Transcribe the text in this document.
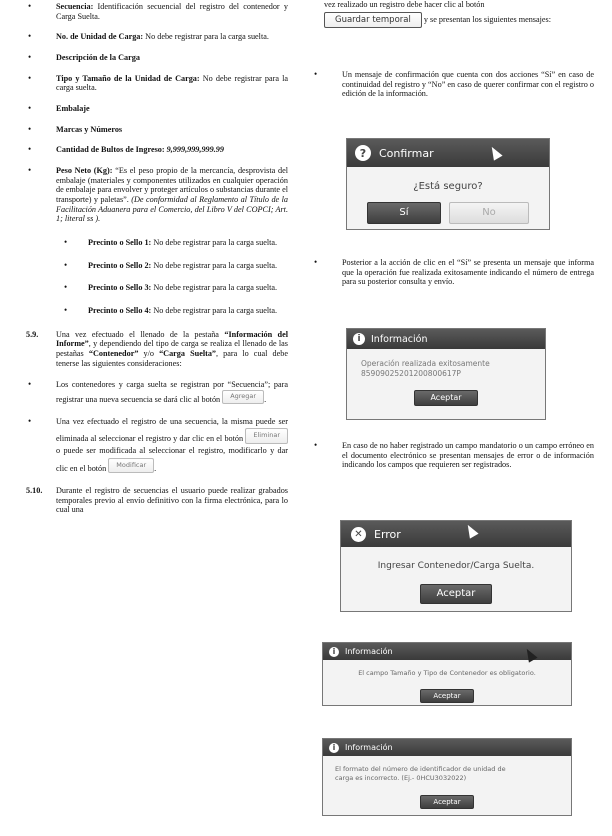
• Secuencia: Identificación secuencial del registro del contenedor y Carga Suelta.
• No. de Unidad de Carga: No debe registrar para la carga suelta.
• Descripción de la Carga
• Tipo y Tamaño de la Unidad de Carga: No debe registrar para la carga suelta.
• Embalaje
• Marcas y Números
• Cantidad de Bultos de Ingreso: 9,999,999,999.99
• Peso Neto (Kg): “Es el peso propio de la mercancía, desprovista del embalaje (materiales y componentes utilizados en cualquier operación de embalaje para envolver y proteger artículos o substancias durante el transporte) y paletas”. (De conformidad al Reglamento al Título de la Facilitación Aduanera para el Comercio, del Libro V del COPCI; Art. 1; literal ss ).
• Precinto o Sello 1: No debe registrar para la carga suelta.
• Precinto o Sello 2: No debe registrar para la carga suelta.
• Precinto o Sello 3: No debe registrar para la carga suelta.
• Precinto o Sello 4: No debe registrar para la carga suelta.
5.9. Una vez efectuado el llenado de la pestaña “Información del Informe”, y dependiendo del tipo de carga se realiza el llenado de las pestañas “Contenedor” y/o “Carga Suelta”, para lo cual debe tenerse las siguientes consideraciones:
• Los contenedores y carga suelta se registran por “Secuencia”; para registrar una nueva secuencia se dará clic al botón Agregar .
• Una vez efectuado el registro de una secuencia, la misma puede ser eliminada al seleccionar el registro y dar clic en el botón Eliminar o puede ser modificada al seleccionar el registro, modificarlo y dar clic en el botón Modificar .
5.10. Durante el registro de secuencias el usuario puede realizar grabados temporales previo al envío definitivo con la firma electrónica, para lo cual una
vez realizado un registro debe hacer clic al botón
Guardar temporal y se presentan los siguientes mensajes:
• Un mensaje de confirmación que cuenta con dos acciones “Sí” en caso de continuidad del registro y “No” en caso de querer confirmar con el registro o edición de la información.
• Posterior a la acción de clic en el “Sí” se presenta un mensaje que informa que la operación fue realizada exitosamente indicando el número de entrega para su posterior consulta y envío.
• En caso de no haber registrado un campo mandatorio o un campo erróneo en el documento electrónico se presentan mensajes de error o de información indicando los campos que requieren ser registrados.
?	Confirmar
¿Está seguro?
Sí	No
i	Información
Operación realizada exitosamente
85909025201200800617P
Aceptar
✕	Error
Ingresar Contenedor/Carga Suelta.
Aceptar
i	Información
El campo Tamaño y Tipo de Contenedor es obligatorio.
Aceptar
i	Información
El formato del número de identificador de unidad de
carga es incorrecto. (Ej.- 0HCU3032022)
Aceptar
